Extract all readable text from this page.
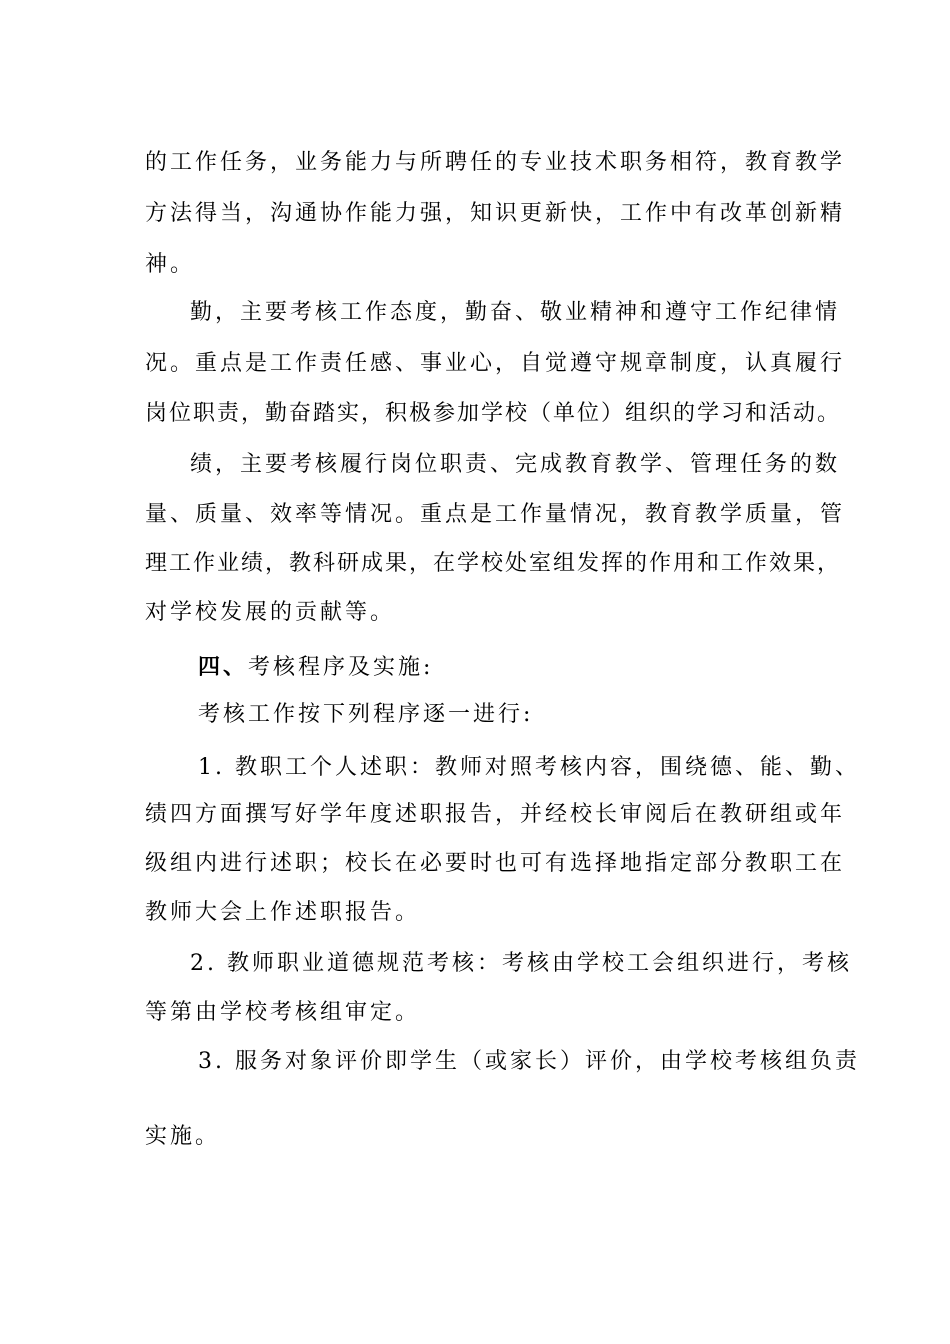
的工作任务，业务能力与所聘任的专业技术职务相符，教育教学
方法得当，沟通协作能力强，知识更新快，工作中有改革创新精
神。
勤，主要考核工作态度，勤奋、敬业精神和遵守工作纪律情
况。重点是工作责任感、事业心，自觉遵守规章制度，认真履行
岗位职责，勤奋踏实，积极参加学校（单位）组织的学习和活动。
绩，主要考核履行岗位职责、完成教育教学、管理任务的数
量、质量、效率等情况。重点是工作量情况，教育教学质量，管
理工作业绩，教科研成果，在学校处室组发挥的作用和工作效果，
对学校发展的贡献等。
四、考核程序及实施:
考核工作按下列程序逐一进行:
1. 教职工个人述职：教师对照考核内容，围绕德、能、勤、
绩四方面撰写好学年度述职报告，并经校长审阅后在教研组或年
级组内进行述职；校长在必要时也可有选择地指定部分教职工在
教师大会上作述职报告。
2. 教师职业道德规范考核：考核由学校工会组织进行，考核
等第由学校考核组审定。
3. 服务对象评价即学生（或家长）评价，由学校考核组负责
实施。
